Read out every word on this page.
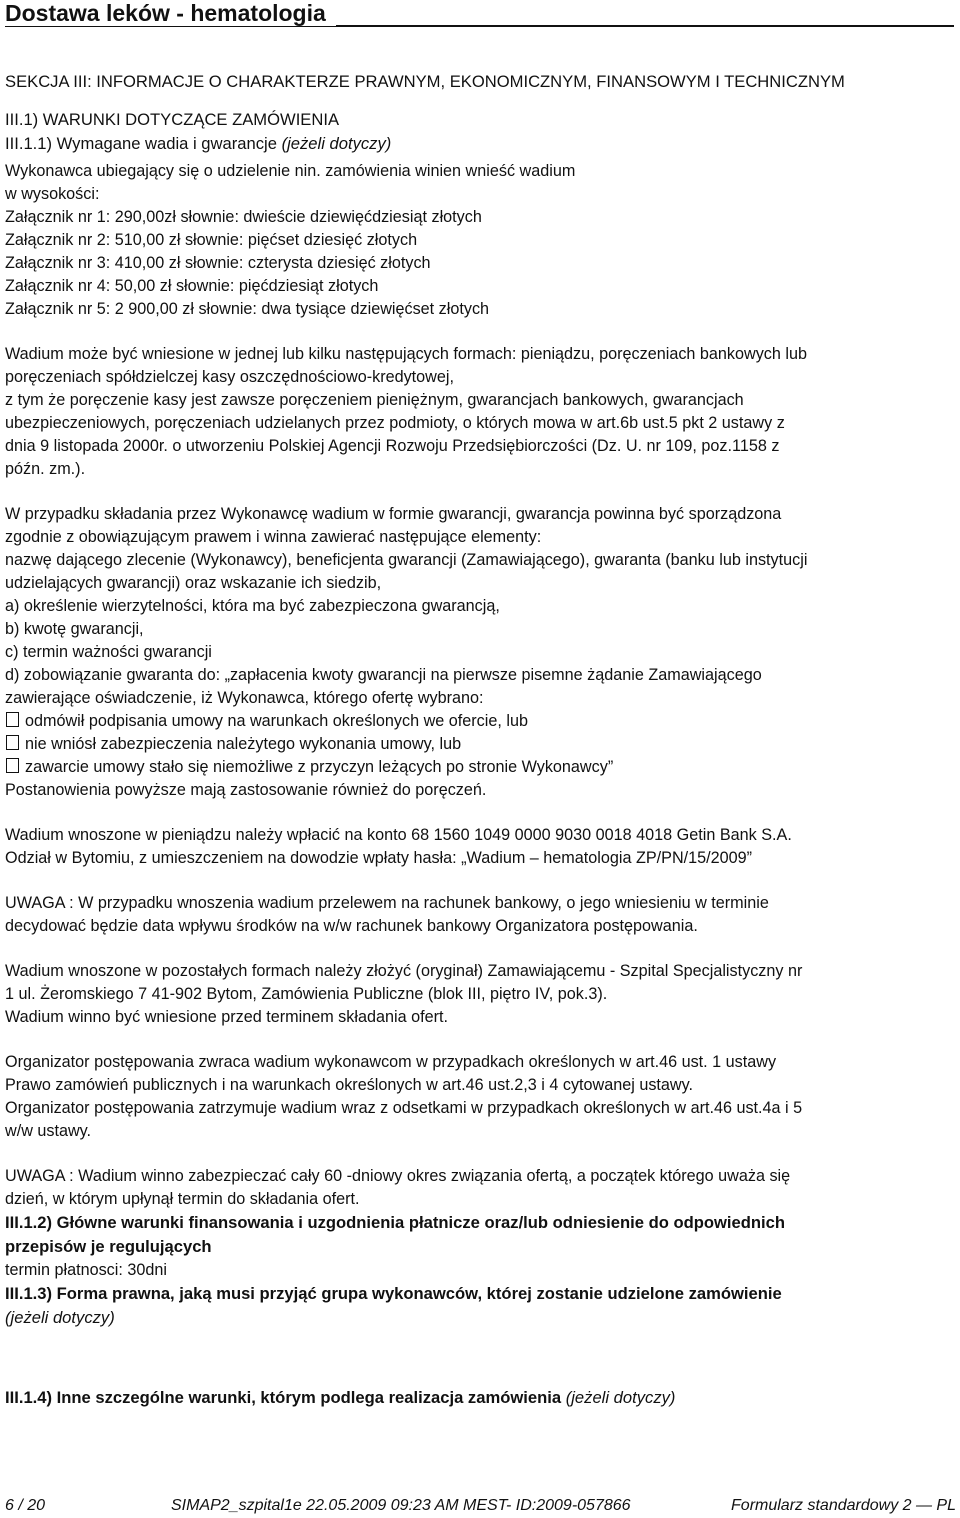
Dostawa leków - hematologia

SEKCJA III: INFORMACJE O CHARAKTERZE PRAWNYM, EKONOMICZNYM, FINANSOWYM I TECHNICZNYM

III.1) WARUNKI DOTYCZĄCE ZAMÓWIENIA

III.1.1) Wymagane wadia i gwarancje (jeżeli dotyczy)

Wykonawca ubiegający się o udzielenie nin. zamówienia winien wnieść wadium

w wysokości:

Załącznik nr 1: 290,00zł słownie: dwieście dziewięćdziesiąt złotych

Załącznik nr 2: 510,00 zł słownie: pięćset dziesięć złotych

Załącznik nr 3: 410,00 zł słownie: czterysta dziesięć złotych

Załącznik nr 4: 50,00 zł słownie: pięćdziesiąt złotych

Załącznik nr 5: 2 900,00 zł słownie: dwa tysiące dziewięćset złotych

Wadium może być wniesione w jednej lub kilku następujących formach: pieniądzu, poręczeniach bankowych lub

poręczeniach spółdzielczej kasy oszczędnościowo-kredytowej,

z tym że poręczenie kasy jest zawsze poręczeniem pieniężnym, gwarancjach bankowych, gwarancjach

ubezpieczeniowych, poręczeniach udzielanych przez podmioty, o których mowa w art.6b ust.5 pkt 2 ustawy z

dnia 9 listopada 2000r. o utworzeniu Polskiej Agencji Rozwoju Przedsiębiorczości (Dz. U. nr 109, poz.1158 z

późn. zm.).

W przypadku składania przez Wykonawcę wadium w formie gwarancji, gwarancja powinna być sporządzona

zgodnie z obowiązującym prawem i winna zawierać następujące elementy:

nazwę dającego zlecenie (Wykonawcy), beneficjenta gwarancji (Zamawiającego), gwaranta (banku lub instytucji

udzielających gwarancji) oraz wskazanie ich siedzib,

a) określenie wierzytelności, która ma być zabezpieczona gwarancją,

b) kwotę gwarancji,

c) termin ważności gwarancji

d) zobowiązanie gwaranta do: „zapłacenia kwoty gwarancji na pierwsze pisemne żądanie Zamawiającego

zawierające oświadczenie, iż Wykonawca, którego ofertę wybrano:

odmówił podpisania umowy na warunkach określonych we ofercie, lub

nie wniósł zabezpieczenia należytego wykonania umowy, lub

zawarcie umowy stało się niemożliwe z przyczyn leżących po stronie Wykonawcy”

Postanowienia powyższe mają zastosowanie również do poręczeń.

Wadium wnoszone w pieniądzu należy wpłacić na konto 68 1560 1049 0000 9030 0018 4018 Getin Bank S.A.

Odział w Bytomiu, z umieszczeniem na dowodzie wpłaty hasła: „Wadium – hematologia ZP/PN/15/2009”

UWAGA : W przypadku wnoszenia wadium przelewem na rachunek bankowy, o jego wniesieniu w terminie

decydować będzie data wpływu środków na w/w rachunek bankowy Organizatora postępowania.

Wadium wnoszone w pozostałych formach należy złożyć (oryginał) Zamawiającemu - Szpital Specjalistyczny nr

1 ul. Żeromskiego 7 41-902 Bytom, Zamówienia Publiczne (blok III, piętro IV, pok.3).

Wadium winno być wniesione przed terminem składania ofert.

Organizator postępowania zwraca wadium wykonawcom w przypadkach określonych w art.46 ust. 1 ustawy

Prawo zamówień publicznych i na warunkach określonych w art.46 ust.2,3 i 4 cytowanej ustawy.

Organizator postępowania zatrzymuje wadium wraz z odsetkami w przypadkach określonych w art.46 ust.4a i 5

w/w ustawy.

UWAGA : Wadium winno zabezpieczać cały 60 -dniowy okres związania ofertą, a początek którego uważa się

dzień, w którym upłynął termin do składania ofert.

III.1.2) Główne warunki finansowania i uzgodnienia płatnicze oraz/lub odniesienie do odpowiednich
przepisów je regulujących

termin płatnosci: 30dni

III.1.3) Forma prawna, jaką musi przyjąć grupa wykonawców, której zostanie udzielone zamówienie
(jeżeli dotyczy)

III.1.4) Inne szczególne warunki, którym podlega realizacja zamówienia (jeżeli dotyczy)

6 / 20	SIMAP2_szpital1e 22.05.2009 09:23 AM MEST- ID:2009-057866	Formularz standardowy 2 — PL
